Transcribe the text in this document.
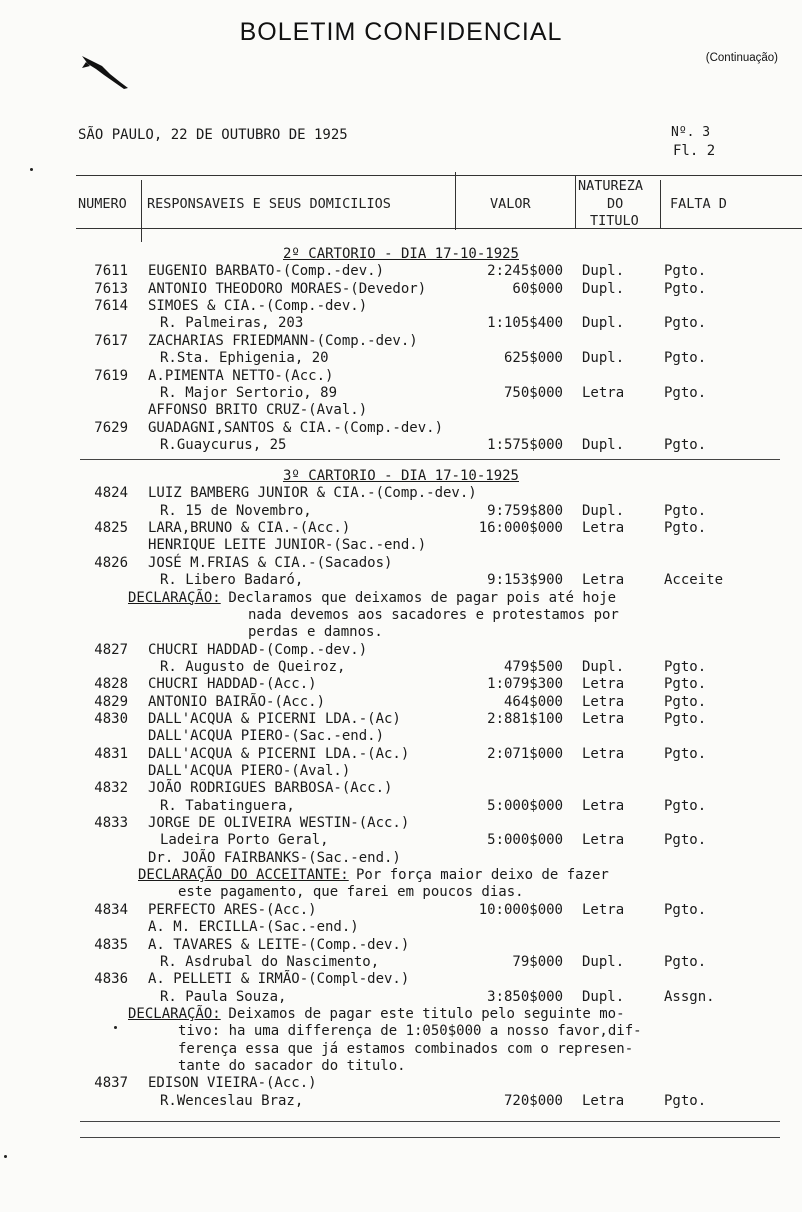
BOLETIM CONFIDENCIAL
(Continuação)
SÃO PAULO, 22 DE OUTUBRO DE 1925	Nº. 3
Fl. 2
NUMERO RESPONSAVEIS E SEUS DOMICILIOS	VALOR
NATUREZA
DO
TITULO
FALTA D
2º CARTORIO - DIA 17-10-1925
7611 EUGENIO BARBATO-(Comp.-dev.)	2:245$000 Dupl.	Pgto.
7613 ANTONIO THEODORO MORAES-(Devedor)	60$000 Dupl.	Pgto.
7614 SIMOES & CIA.-(Comp.-dev.)
R. Palmeiras, 203	1:105$400 Dupl.	Pgto.
7617 ZACHARIAS FRIEDMANN-(Comp.-dev.)
R.Sta. Ephigenia, 20	625$000 Dupl.	Pgto.
7619 A.PIMENTA NETTO-(Acc.)
R. Major Sertorio, 89	750$000 Letra	Pgto.
AFFONSO BRITO CRUZ-(Aval.)
7629 GUADAGNI,SANTOS & CIA.-(Comp.-dev.)
R.Guaycurus, 25	1:575$000 Dupl.	Pgto.
3º CARTORIO - DIA 17-10-1925
4824 LUIZ BAMBERG JUNIOR & CIA.-(Comp.-dev.)
R. 15 de Novembro,	9:759$800 Dupl.	Pgto.
4825 LARA,BRUNO & CIA.-(Acc.)	16:000$000 Letra	Pgto.
HENRIQUE LEITE JUNIOR-(Sac.-end.)
4826 JOSÉ M.FRIAS & CIA.-(Sacados)
R. Libero Badaró,	9:153$900 Letra	Acceite
DECLARAÇÃO: Declaramos que deixamos de pagar pois até hoje
nada devemos aos sacadores e protestamos por
perdas e damnos.
4827 CHUCRI HADDAD-(Comp.-dev.)
R. Augusto de Queiroz,	479$500 Dupl.	Pgto.
4828 CHUCRI HADDAD-(Acc.)	1:079$300 Letra	Pgto.
4829 ANTONIO BAIRÃO-(Acc.)	464$000 Letra	Pgto.
4830 DALL'ACQUA & PICERNI LDA.-(Ac)	2:881$100 Letra	Pgto.
DALL'ACQUA PIERO-(Sac.-end.)
4831 DALL'ACQUA & PICERNI LDA.-(Ac.)	2:071$000 Letra	Pgto.
DALL'ACQUA PIERO-(Aval.)
4832 JOÃO RODRIGUES BARBOSA-(Acc.)
R. Tabatinguera,	5:000$000 Letra	Pgto.
4833 JORGE DE OLIVEIRA WESTIN-(Acc.)
Ladeira Porto Geral,	5:000$000 Letra	Pgto.
Dr. JOÃO FAIRBANKS-(Sac.-end.)
DECLARAÇÃO DO ACCEITANTE: Por força maior deixo de fazer
este pagamento, que farei em poucos dias.
4834 PERFECTO ARES-(Acc.)	10:000$000 Letra	Pgto.
A. M. ERCILLA-(Sac.-end.)
4835 A. TAVARES & LEITE-(Comp.-dev.)
R. Asdrubal do Nascimento,	79$000 Dupl.	Pgto.
4836 A. PELLETI & IRMÃO-(Compl-dev.)
R. Paula Souza,	3:850$000 Dupl.	Assgn.
DECLARAÇÃO: Deixamos de pagar este titulo pelo seguinte mo-
tivo: ha uma differença de 1:050$000 a nosso favor,dif-
ferença essa que já estamos combinados com o represen-
tante do sacador do titulo.
4837 EDISON VIEIRA-(Acc.)
R.Wenceslau Braz,	720$000 Letra	Pgto.
